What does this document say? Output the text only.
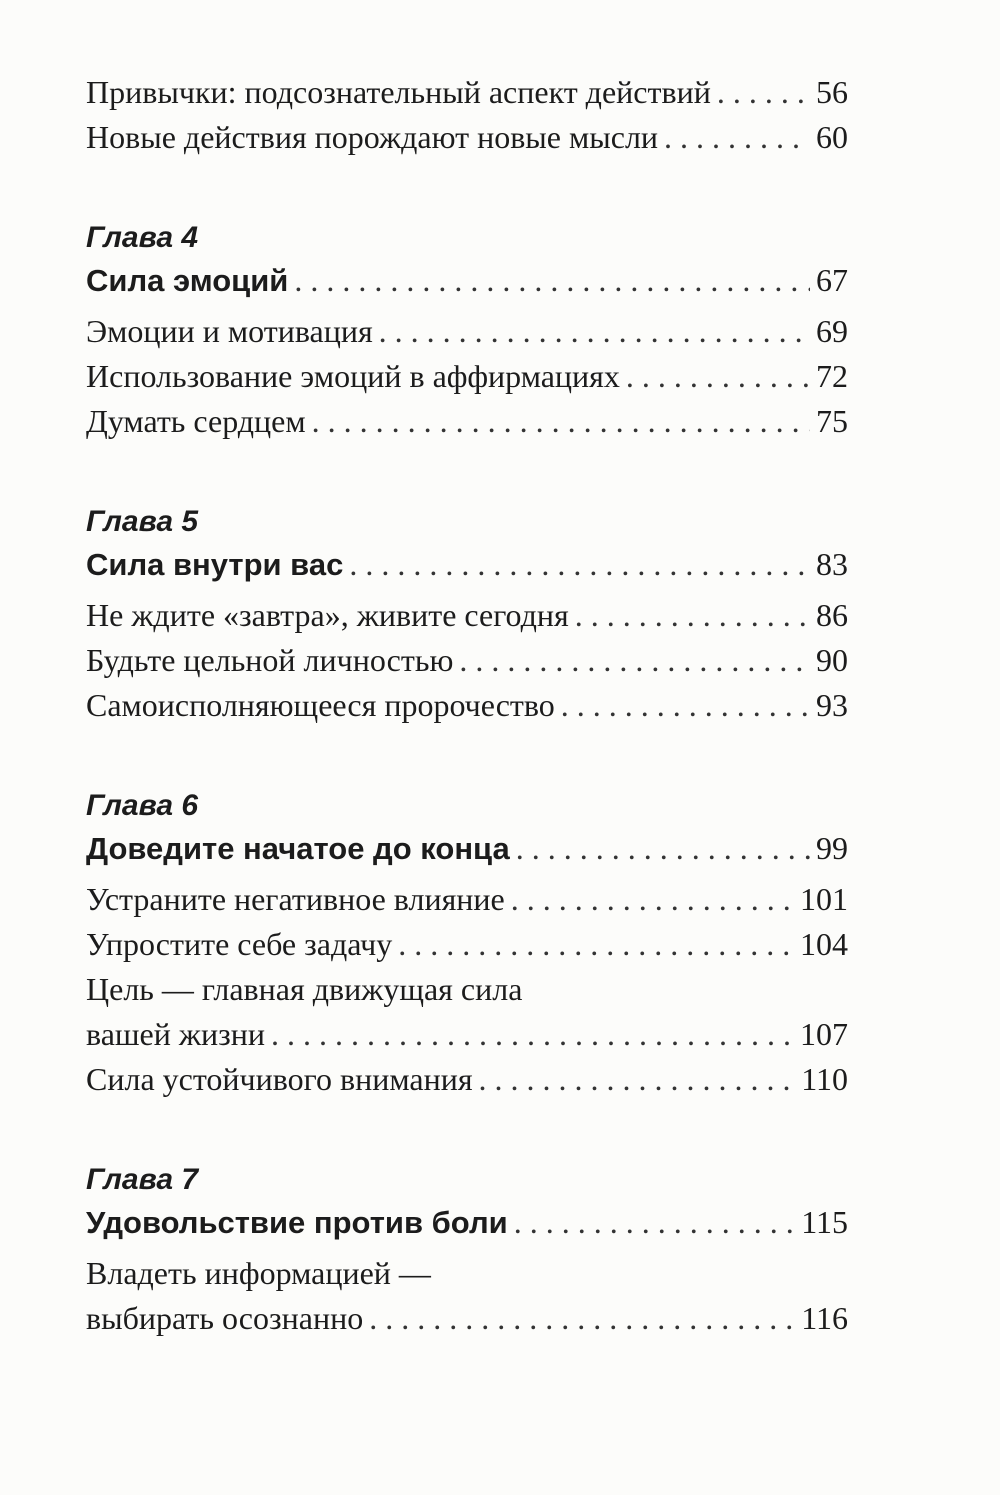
Привычки: подсознательный аспект действий . . .	56
Новые действия порождают новые мысли . . .	60
Глава 4
Сила эмоций . . .	67
Эмоции и мотивация . . .	69
Использование эмоций в аффирмациях . . .	72
Думать сердцем . . .	75
Глава 5
Сила внутри вас . . .	83
Не ждите «завтра», живите сегодня . . .	86
Будьте цельной личностью . . .	90
Самоисполняющееся пророчество . . .	93
Глава 6
Доведите начатое до конца . . .	99
Устраните негативное влияние . . .	101
Упростите себе задачу . . .	104
Цель — главная движущая сила
вашей жизни . . .	107
Сила устойчивого внимания . . .	110
Глава 7
Удовольствие против боли . . .	115
Владеть информацией —
выбирать осознанно . . .	116
